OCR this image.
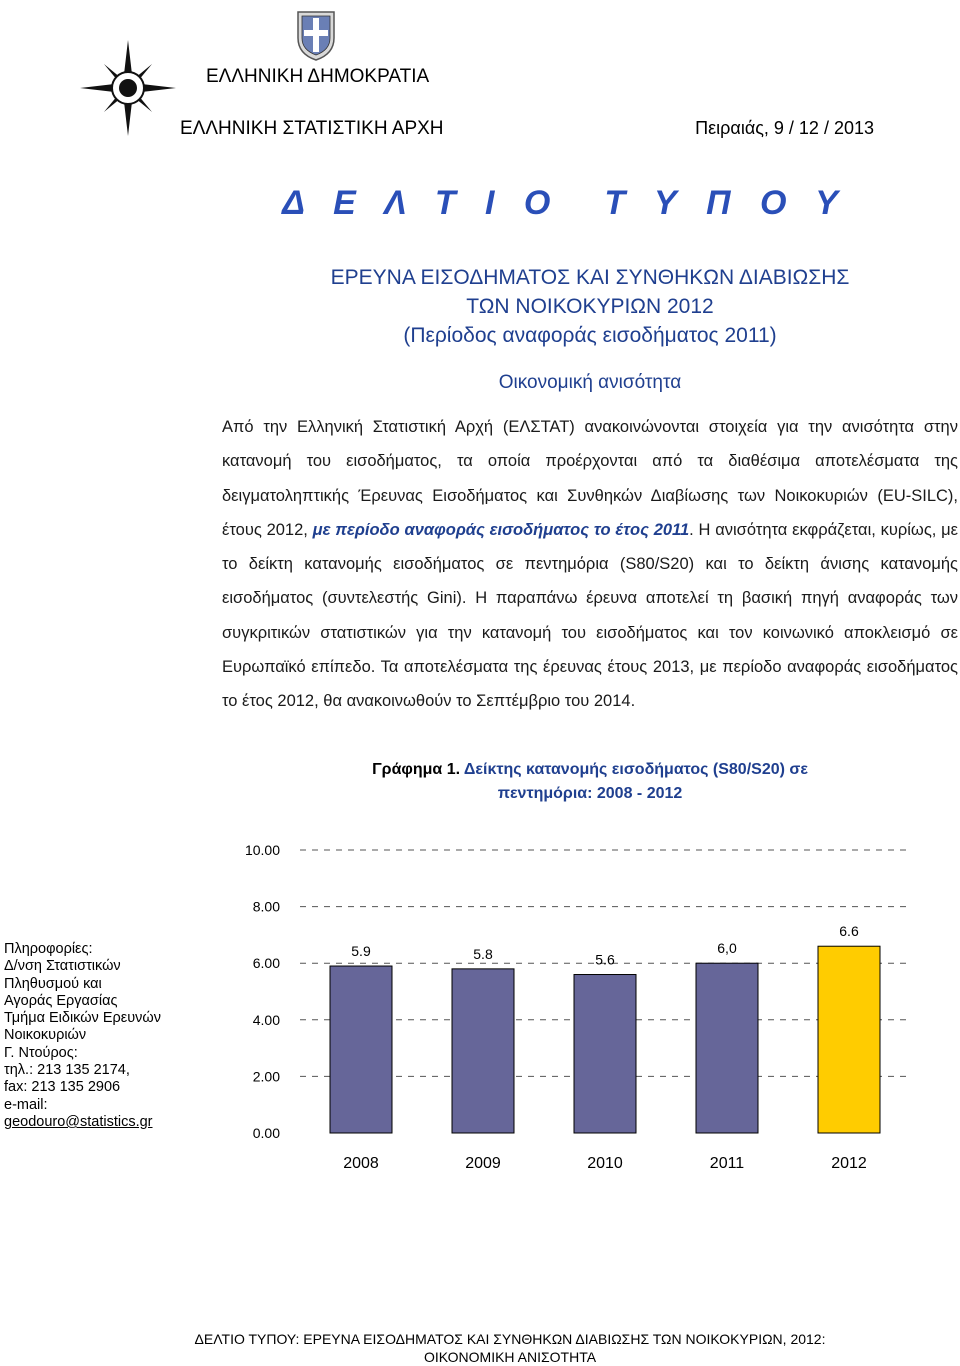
ΕΛΛΗΝΙΚΗ ΔΗΜΟΚΡΑΤΙΑ
ΕΛΛΗΝΙΚΗ ΣΤΑΤΙΣΤΙΚΗ ΑΡΧΗ	Πειραιάς, 9 / 12 / 2013
Δ Ε Λ Τ Ι Ο Τ Υ Π Ο Υ
ΕΡΕΥΝΑ ΕΙΣΟΔΗΜΑΤΟΣ ΚΑΙ ΣΥΝΘΗΚΩΝ ΔΙΑΒΙΩΣΗΣ
ΤΩΝ ΝΟΙΚΟΚΥΡΙΩΝ 2012
(Περίοδος αναφοράς εισοδήματος 2011)
Οικονομική ανισότητα
Από την Ελληνική Στατιστική Αρχή (ΕΛΣΤΑΤ) ανακοινώνονται στοιχεία για την ανισότητα στην κατανομή του εισοδήματος, τα οποία προέρχονται από τα διαθέσιμα αποτελέσματα της δειγματοληπτικής Έρευνας Εισοδήματος και Συνθηκών Διαβίωσης των Νοικοκυριών (EU-SILC), έτους 2012, με περίοδο αναφοράς εισοδήματος το έτος 2011. Η ανισότητα εκφράζεται, κυρίως, με το δείκτη κατανομής εισοδήματος σε πεντημόρια (S80/S20) και το δείκτη άνισης κατανομής εισοδήματος (συντελεστής Gini). Η παραπάνω έρευνα αποτελεί τη βασική πηγή αναφοράς των συγκριτικών στατιστικών για την κατανομή του εισοδήματος και τον κοινωνικό αποκλεισμό σε Ευρωπαϊκό επίπεδο. Τα αποτελέσματα της έρευνας έτους 2013, με περίοδο αναφοράς εισοδήματος το έτος 2012, θα ανακοινωθούν το Σεπτέμβριο του 2014.
Γράφημα 1. Δείκτης κατανομής εισοδήματος (S80/S20) σε
πεντημόρια: 2008 - 2012
Πληροφορίες:
Δ/νση Στατιστικών
Πληθυσμού και
Αγοράς Εργασίας
Τμήμα Ειδικών Ερευνών
Νοικοκυριών
Γ. Ντούρος:
τηλ.: 213 135 2174,
fax: 213 135 2906
e-mail:
geodouro@statistics.gr
0.00
2.00
4.00
6.00
8.00
10.00
5.9
2008
5.8
2009
5.6
2010
6,0
2011
6.6
2012
ΔΕΛΤΙΟ ΤΥΠΟΥ: ΕΡΕΥΝΑ ΕΙΣΟΔΗΜΑΤΟΣ ΚΑΙ ΣΥΝΘΗΚΩΝ ΔΙΑΒΙΩΣΗΣ ΤΩΝ ΝΟΙΚΟΚΥΡΙΩΝ, 2012:
ΟΙΚΟΝΟΜΙΚΗ ΑΝΙΣΟΤΗΤΑ
